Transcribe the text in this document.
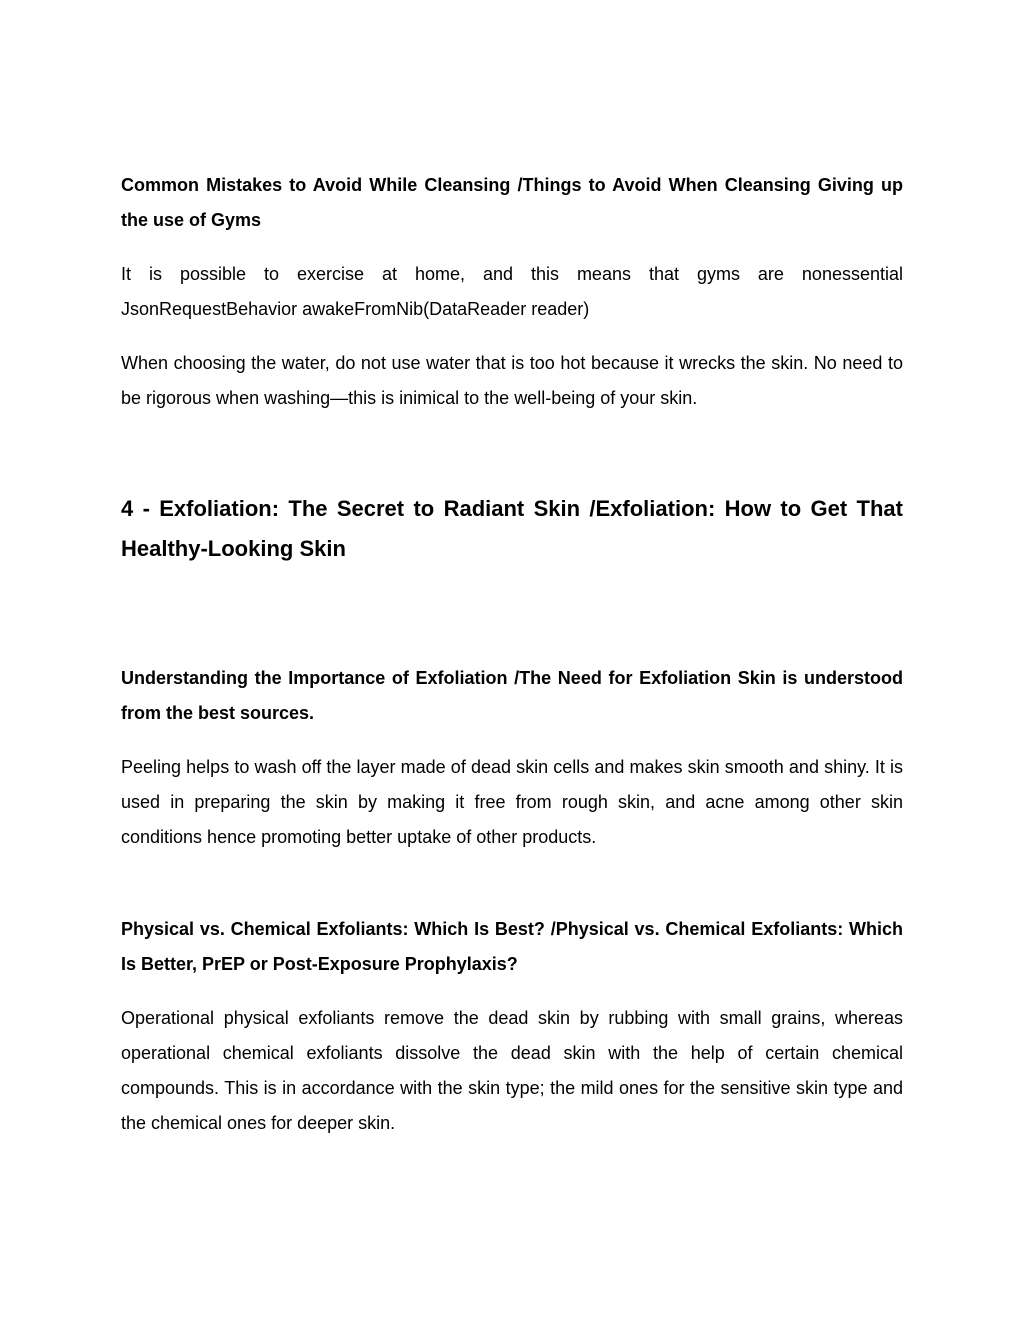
Common Mistakes to Avoid While Cleansing /Things to Avoid When Cleansing Giving up the use of Gyms

It is possible to exercise at home, and this means that gyms are nonessential JsonRequestBehavior awakeFromNib(DataReader reader)

When choosing the water, do not use water that is too hot because it wrecks the skin. No need to be rigorous when washing—this is inimical to the well-being of your skin.

4 - Exfoliation: The Secret to Radiant Skin /Exfoliation: How to Get That Healthy-Looking Skin
Understanding the Importance of Exfoliation /The Need for Exfoliation Skin is understood from the best sources.

Peeling helps to wash off the layer made of dead skin cells and makes skin smooth and shiny. It is used in preparing the skin by making it free from rough skin, and acne among other skin conditions hence promoting better uptake of other products.

Physical vs. Chemical Exfoliants: Which Is Best? /Physical vs. Chemical Exfoliants: Which Is Better, PrEP or Post-Exposure Prophylaxis?

Operational physical exfoliants remove the dead skin by rubbing with small grains, whereas operational chemical exfoliants dissolve the dead skin with the help of certain chemical compounds. This is in accordance with the skin type; the mild ones for the sensitive skin type and the chemical ones for deeper skin.
